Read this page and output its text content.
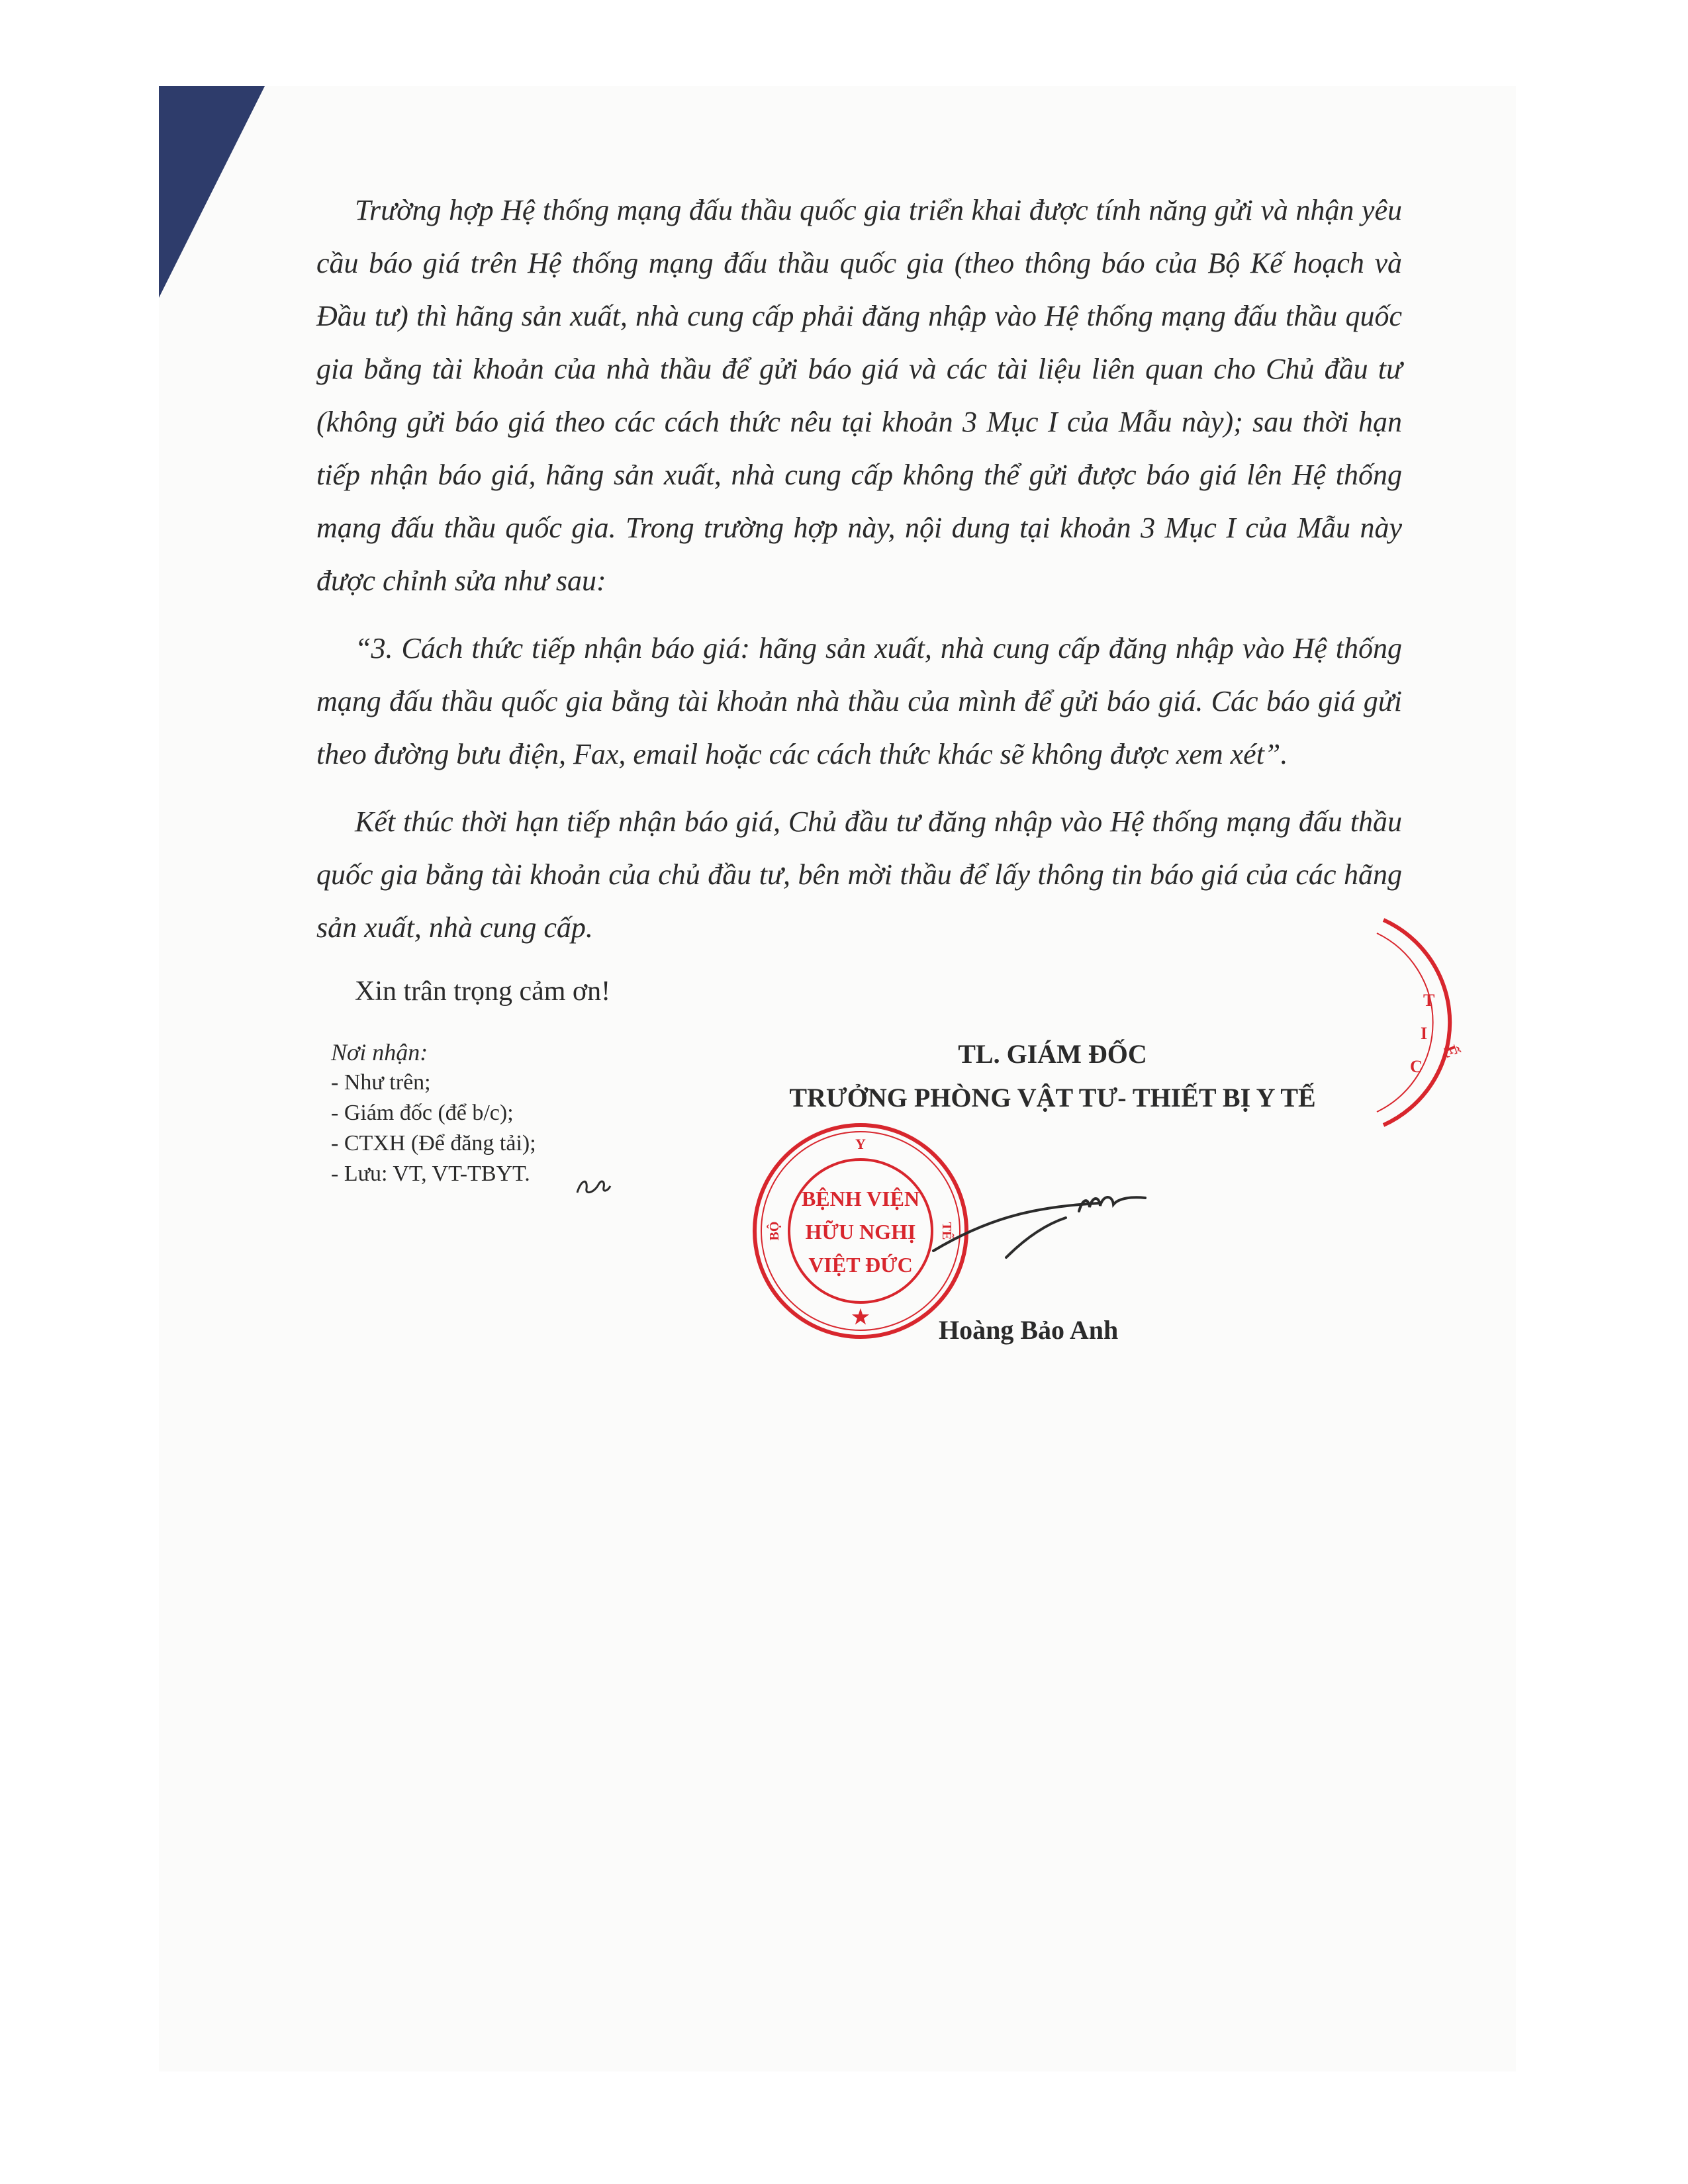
Trường hợp Hệ thống mạng đấu thầu quốc gia triển khai được tính năng gửi và nhận yêu cầu báo giá trên Hệ thống mạng đấu thầu quốc gia (theo thông báo của Bộ Kế hoạch và Đầu tư) thì hãng sản xuất, nhà cung cấp phải đăng nhập vào Hệ thống mạng đấu thầu quốc gia bằng tài khoản của nhà thầu để gửi báo giá và các tài liệu liên quan cho Chủ đầu tư (không gửi báo giá theo các cách thức nêu tại khoản 3 Mục I của Mẫu này); sau thời hạn tiếp nhận báo giá, hãng sản xuất, nhà cung cấp không thể gửi được báo giá lên Hệ thống mạng đấu thầu quốc gia. Trong trường hợp này, nội dung tại khoản 3 Mục I của Mẫu này được chỉnh sửa như sau:

“3. Cách thức tiếp nhận báo giá: hãng sản xuất, nhà cung cấp đăng nhập vào Hệ thống mạng đấu thầu quốc gia bằng tài khoản nhà thầu của mình để gửi báo giá. Các báo giá gửi theo đường bưu điện, Fax, email hoặc các cách thức khác sẽ không được xem xét”.

Kết thúc thời hạn tiếp nhận báo giá, Chủ đầu tư đăng nhập vào Hệ thống mạng đấu thầu quốc gia bằng tài khoản của chủ đầu tư, bên mời thầu để lấy thông tin báo giá của các hãng sản xuất, nhà cung cấp.

Xin trân trọng cảm ơn!
Nơi nhận:
- Như trên;
- Giám đốc (để b/c);
- CTXH (Để đăng tải);
- Lưu: VT, VT-TBYT.
TL. GIÁM ĐỐC
TRƯỞNG PHÒNG VẬT TƯ- THIẾT BỊ Y TẾ
BỆNH VIỆN
HỮU NGHỊ
VIỆT ĐỨC
Y
BỘ	TẾ
★
T
I
C
Ế
Hoàng Bảo Anh
